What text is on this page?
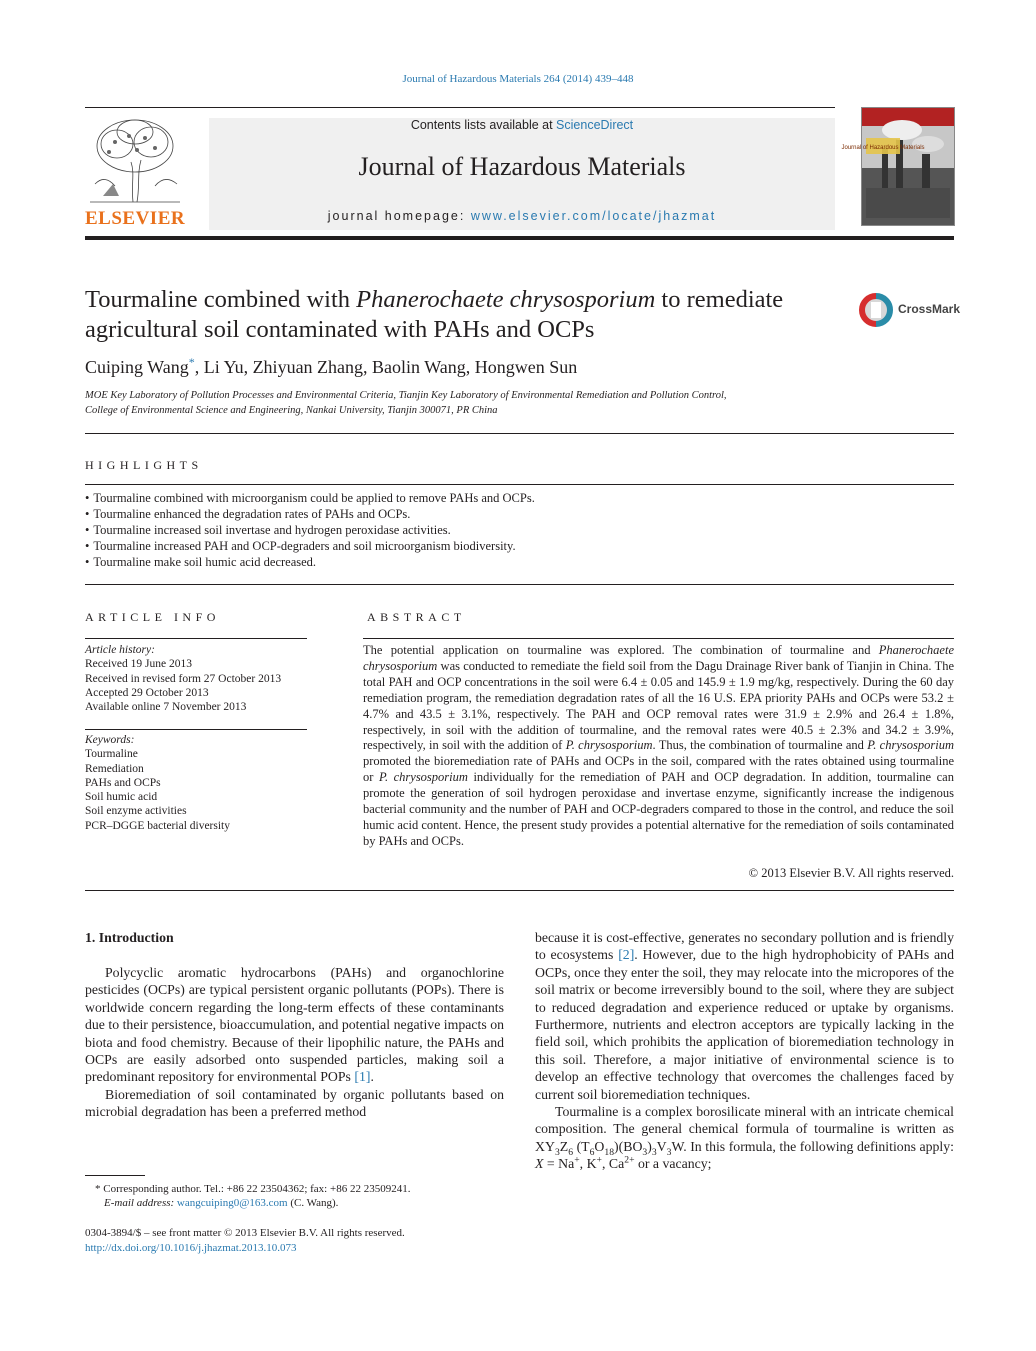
Journal of Hazardous Materials 264 (2014) 439–448
ELSEVIER
Contents lists available at ScienceDirect
Journal of Hazardous Materials
journal homepage: www.elsevier.com/locate/jhazmat
Journal of Hazardous Materials
Tourmaline combined with Phanerochaete chrysosporium to remediate agricultural soil contaminated with PAHs and OCPs
CrossMark
Cuiping Wang*, Li Yu, Zhiyuan Zhang, Baolin Wang, Hongwen Sun
MOE Key Laboratory of Pollution Processes and Environmental Criteria, Tianjin Key Laboratory of Environmental Remediation and Pollution Control,
College of Environmental Science and Engineering, Nankai University, Tianjin 300071, PR China
HIGHLIGHTS
• Tourmaline combined with microorganism could be applied to remove PAHs and OCPs.
• Tourmaline enhanced the degradation rates of PAHs and OCPs.
• Tourmaline increased soil invertase and hydrogen peroxidase activities.
• Tourmaline increased PAH and OCP-degraders and soil microorganism biodiversity.
• Tourmaline make soil humic acid decreased.
ARTICLE INFO
Article history:
Received 19 June 2013
Received in revised form 27 October 2013
Accepted 29 October 2013
Available online 7 November 2013
Keywords:
Tourmaline
Remediation
PAHs and OCPs
Soil humic acid
Soil enzyme activities
PCR–DGGE bacterial diversity
ABSTRACT
The potential application on tourmaline was explored. The combination of tourmaline and Phanerochaete chrysosporium was conducted to remediate the field soil from the Dagu Drainage River bank of Tianjin in China. The total PAH and OCP concentrations in the soil were 6.4 ± 0.05 and 145.9 ± 1.9 mg/kg, respectively. During the 60 day remediation program, the remediation degradation rates of all the 16 U.S. EPA priority PAHs and OCPs were 53.2 ± 4.7% and 43.5 ± 3.1%, respectively. The PAH and OCP removal rates were 31.9 ± 2.9% and 26.4 ± 1.8%, respectively, in soil with the addition of tourmaline, and the removal rates were 40.5 ± 2.3% and 34.2 ± 3.9%, respectively, in soil with the addition of P. chrysosporium. Thus, the combination of tourmaline and P. chrysosporium promoted the bioremediation rate of PAHs and OCPs in the soil, compared with the rates obtained using tourmaline or P. chrysosporium individually for the remediation of PAH and OCP degradation. In addition, tourmaline can promote the generation of soil hydrogen peroxidase and invertase enzyme, significantly increase the indigenous bacterial community and the number of PAH and OCP-degraders compared to those in the control, and reduce the soil humic acid content. Hence, the present study provides a potential alternative for the remediation of soils contaminated by PAHs and OCPs.
© 2013 Elsevier B.V. All rights reserved.
1. Introduction

Polycyclic aromatic hydrocarbons (PAHs) and organochlorine pesticides (OCPs) are typical persistent organic pollutants (POPs). There is worldwide concern regarding the long-term effects of these contaminants due to their persistence, bioaccumulation, and potential negative impacts on biota and food chemistry. Because of their lipophilic nature, the PAHs and OCPs are easily adsorbed onto suspended particles, making soil a predominant repository for environmental POPs [1].

Bioremediation of soil contaminated by organic pollutants based on microbial degradation has been a preferred method

because it is cost-effective, generates no secondary pollution and is friendly to ecosystems [2]. However, due to the high hydrophobicity of PAHs and OCPs, once they enter the soil, they may relocate into the micropores of the soil matrix or become irreversibly bound to the soil, where they are subject to reduced degradation and experience reduced or uptake by organisms. Furthermore, nutrients and electron acceptors are typically lacking in the field soil, which prohibits the application of bioremediation technology in this soil. Therefore, a major initiative of environmental science is to develop an effective technology that overcomes the challenges faced by current soil bioremediation techniques.

Tourmaline is a complex borosilicate mineral with an intricate chemical composition. The general chemical formula of tourmaline is written as $XY_3Z_6$ $(T_6O_{18})(BO_3)_3V_3W$. In this formula, the following definitions apply: X = Na+, K+, $Ca^{2+}$ or a vacancy;

* Corresponding author. Tel.: +86 22 23504362; fax: +86 22 23509241.
E-mail address: wangcuiping0@163.com (C. Wang).
0304-3894/$ – see front matter © 2013 Elsevier B.V. All rights reserved.
http://dx.doi.org/10.1016/j.jhazmat.2013.10.073
